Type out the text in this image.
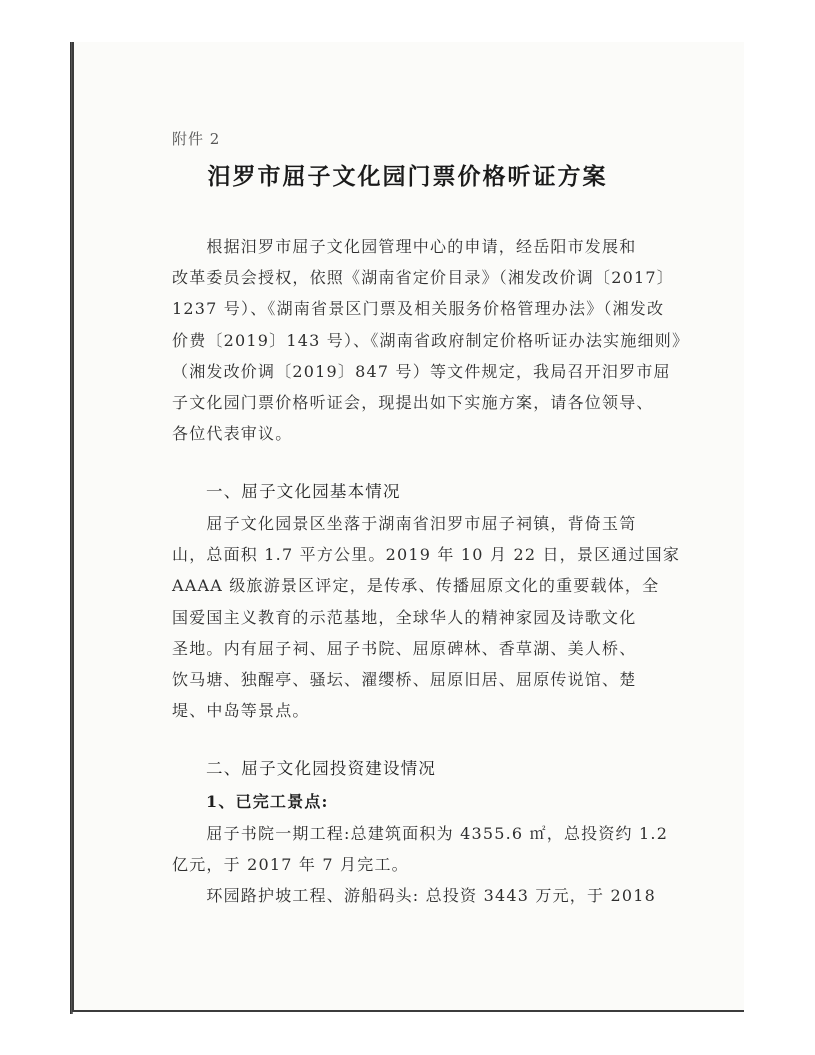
附件 2
汨罗市屈子文化园门票价格听证方案
　　根据汨罗市屈子文化园管理中心的申请，经岳阳市发展和
改革委员会授权，依照《湖南省定价目录》（湘发改价调〔2017〕
1237 号）、《湖南省景区门票及相关服务价格管理办法》（湘发改
价费〔2019〕143 号）、《湖南省政府制定价格听证办法实施细则》
（湘发改价调〔2019〕847 号）等文件规定，我局召开汨罗市屈
子文化园门票价格听证会，现提出如下实施方案，请各位领导、
各位代表审议。
一、屈子文化园基本情况
　　屈子文化园景区坐落于湖南省汨罗市屈子祠镇，背倚玉笥
山，总面积 1.7 平方公里。2019 年 10 月 22 日，景区通过国家
AAAA 级旅游景区评定，是传承、传播屈原文化的重要载体，全
国爱国主义教育的示范基地，全球华人的精神家园及诗歌文化
圣地。内有屈子祠、屈子书院、屈原碑林、香草湖、美人桥、
饮马塘、独醒亭、骚坛、濯缨桥、屈原旧居、屈原传说馆、楚
堤、中岛等景点。
二、屈子文化园投资建设情况
1、已完工景点:
　　屈子书院一期工程:总建筑面积为 4355.6 ㎡，总投资约 1.2
亿元，于 2017 年 7 月完工。
　　环园路护坡工程、游船码头: 总投资 3443 万元，于 2018
